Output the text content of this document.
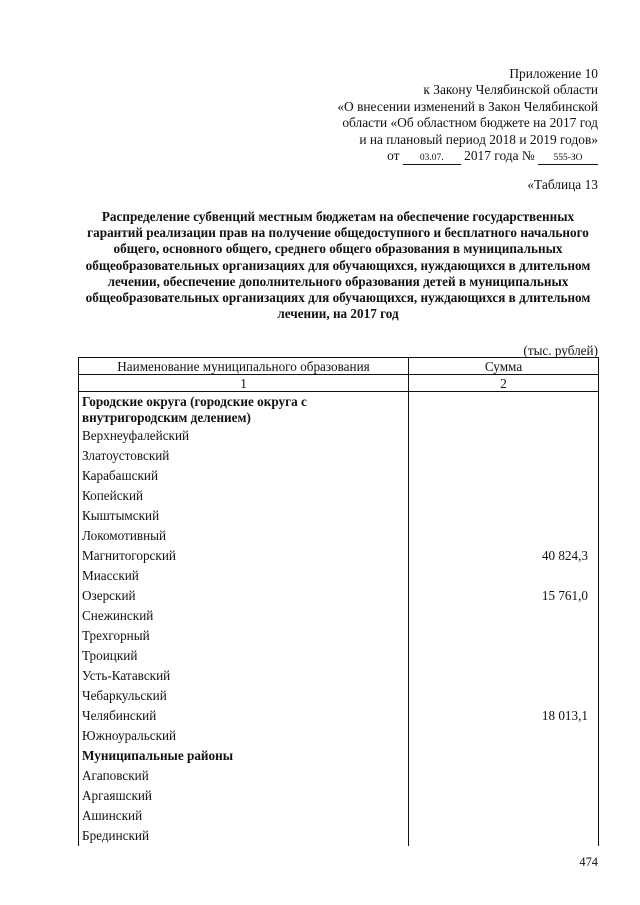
Приложение 10
к Закону Челябинской области
«О внесении изменений в Закон Челябинской
области «Об областном бюджете на 2017 год
и на плановый период 2018 и 2019 годов»
от 03.07. 2017 года № 555-ЗО
«Таблица 13
Распределение субвенций местным бюджетам на обеспечение государственных гарантий реализации прав на получение общедоступного и бесплатного начального общего, основного общего, среднего общего образования в муниципальных общеобразовательных организациях для обучающихся, нуждающихся в длительном лечении, обеспечение дополнительного образования детей в муниципальных общеобразовательных организациях для обучающихся, нуждающихся в длительном лечении, на 2017 год
(тыс. рублей)
Наименование муниципального образования	Сумма
1	2
Городские округа (городские округа с внутригородским делением)	
Верхнеуфалейский	
Златоустовский	
Карабашский	
Копейский	
Кыштымский	
Локомотивный	
Магнитогорский	40 824,3
Миасский	
Озерский	15 761,0
Снежинский	
Трехгорный	
Троицкий	
Усть-Катавский	
Чебаркульский	
Челябинский	18 013,1
Южноуральский	
Муниципальные районы	
Агаповский	
Аргаяшский	
Ашинский	
Брединский	
474
